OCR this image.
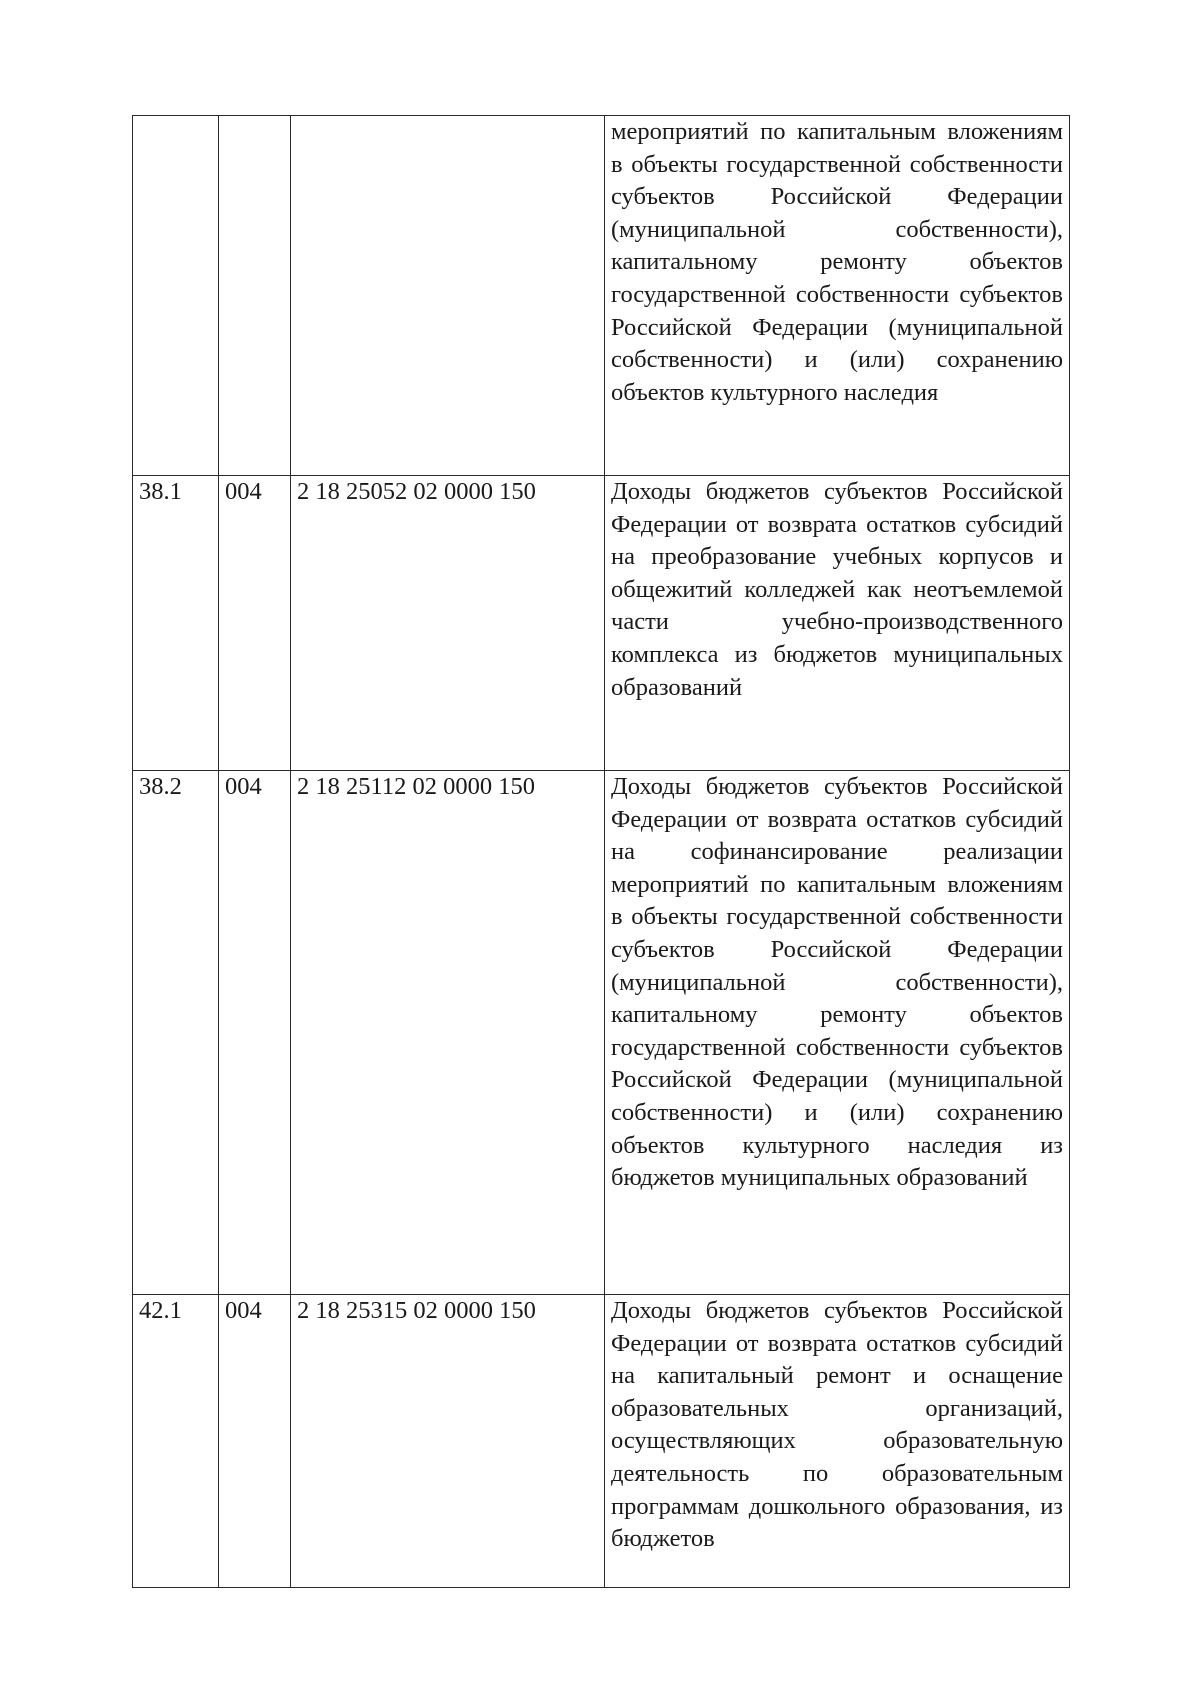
			мероприятий по капитальным вложениям в объекты государственной собственности субъектов Российской Федерации (муниципальной собственности), капитальному ремонту объектов государственной собственности субъектов Российской Федерации (муниципальной собственности) и (или) сохранению объектов культурного наследия
38.1	004	2 18 25052 02 0000 150	Доходы бюджетов субъектов Российской Федерации от возврата остатков субсидий на преобразование учебных корпусов и общежитий колледжей как неотъемлемой части учебно-производственного комплекса из бюджетов муниципальных образований
38.2	004	2 18 25112 02 0000 150	Доходы бюджетов субъектов Российской Федерации от возврата остатков субсидий на софинансирование реализации мероприятий по капитальным вложениям в объекты государственной собственности субъектов Российской Федерации (муниципальной собственности), капитальному ремонту объектов государственной собственности субъектов Российской Федерации (муниципальной собственности) и (или) сохранению объектов культурного наследия из бюджетов муниципальных образований
42.1	004	2 18 25315 02 0000 150	Доходы бюджетов субъектов Российской Федерации от возврата остатков субсидий на капитальный ремонт и оснащение образовательных организаций, осуществляющих образовательную деятельность по образовательным программам дошкольного образования, из бюджетов
